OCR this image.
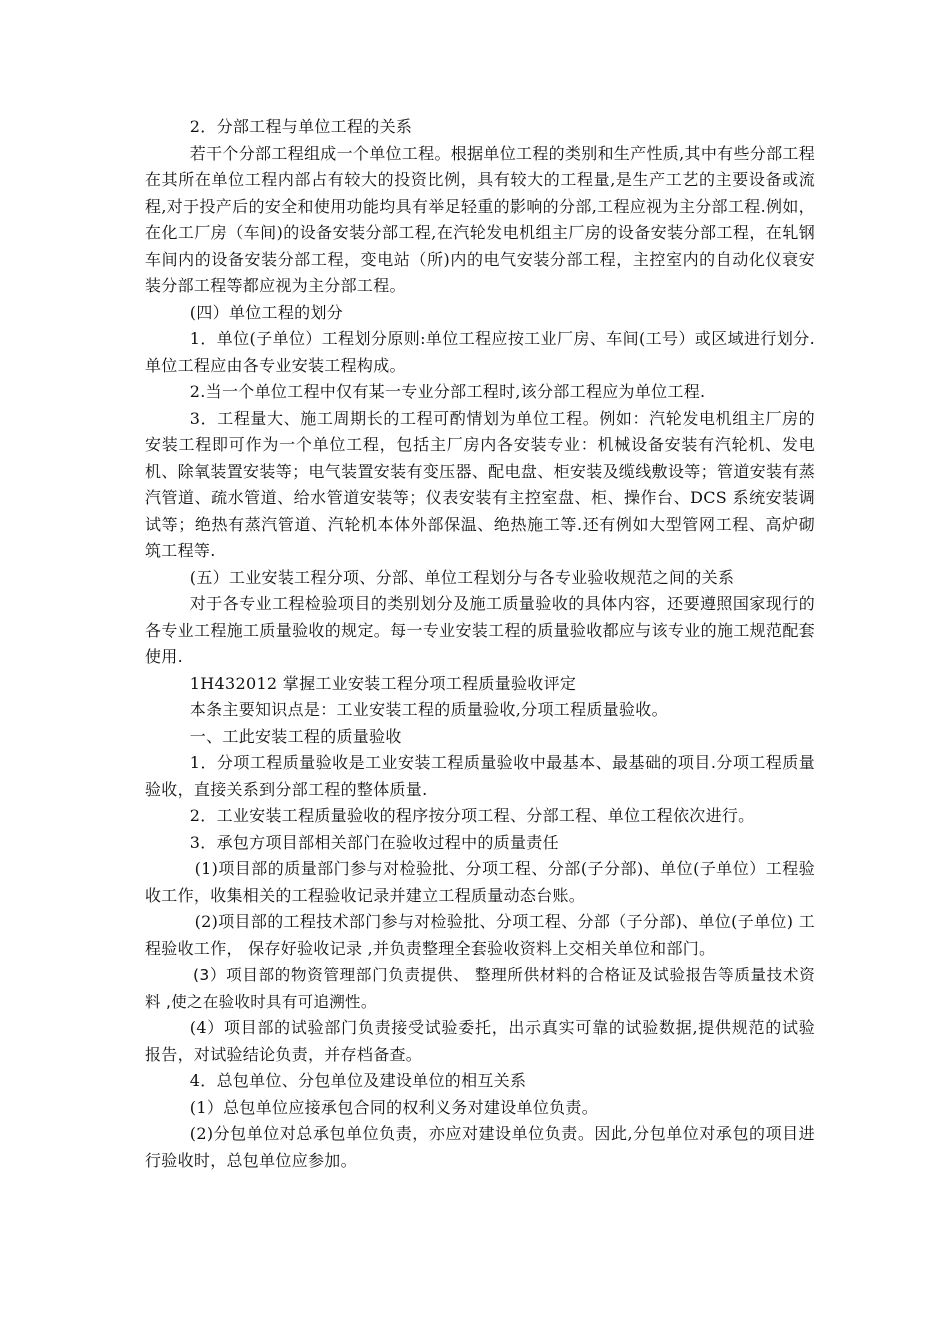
2．分部工程与单位工程的关系

若干个分部工程组成一个单位工程。根据单位工程的类别和生产性质,其中有些分部工程在其所在单位工程内部占有较大的投资比例，具有较大的工程量,是生产工艺的主要设备或流程,对于投产后的安全和使用功能均具有举足轻重的影响的分部,工程应视为主分部工程.例如，在化工厂房（车间)的设备安装分部工程,在汽轮发电机组主厂房的设备安装分部工程，在轧钢车间内的设备安装分部工程，变电站（所)内的电气安装分部工程，主控室内的自动化仪衰安装分部工程等都应视为主分部工程。

(四）单位工程的划分

1．单位(子单位）工程划分原则:单位工程应按工业厂房、车间(工号）或区域进行划分.单位工程应由各专业安装工程构成。

2.当一个单位工程中仅有某一专业分部工程时,该分部工程应为单位工程.

3．工程量大、施工周期长的工程可酌情划为单位工程。例如：汽轮发电机组主厂房的安装工程即可作为一个单位工程，包括主厂房内各安装专业：机械设备安装有汽轮机、发电机、除氧装置安装等；电气装置安装有变压器、配电盘、柜安装及缆线敷设等；管道安装有蒸汽管道、疏水管道、给水管道安装等；仪表安装有主控室盘、柜、操作台、DCS 系统安装调试等；绝热有蒸汽管道、汽轮机本体外部保温、绝热施工等.还有例如大型管网工程、高炉砌筑工程等.

(五）工业安装工程分项、分部、单位工程划分与各专业验收规范之间的关系

对于各专业工程检验项目的类别划分及施工质量验收的具体内容，还要遵照国家现行的各专业工程施工质量验收的规定。每一专业安装工程的质量验收都应与该专业的施工规范配套使用.

1H432012 掌握工业安装工程分项工程质量验收评定

本条主要知识点是：工业安装工程的质量验收,分项工程质量验收。

一、工此安装工程的质量验收

1．分项工程质量验收是工业安装工程质量验收中最基本、最基础的项目.分项工程质量验收，直接关系到分部工程的整体质量.

2．工业安装工程质量验收的程序按分项工程、分部工程、单位工程依次进行。

3．承包方项目部相关部门在验收过程中的质量责任

(1)项目部的质量部门参与对检验批、分项工程、分部(子分部)、单位(子单位）工程验收工作，收集相关的工程验收记录并建立工程质量动态台账。

(2)项目部的工程技术部门参与对检验批、分项工程、分部（子分部)、单位(子单位) 工程验收工作， 保存好验收记录 ,并负责整理全套验收资料上交相关单位和部门。

(3）项目部的物资管理部门负责提供、 整理所供材料的合格证及试验报告等质量技术资料 ,使之在验收时具有可追溯性。

(4）项目部的试验部门负责接受试验委托，出示真实可靠的试验数据,提供规范的试验报告，对试验结论负责，并存档备查。

4．总包单位、分包单位及建设单位的相互关系

(1）总包单位应接承包合同的权利义务对建设单位负责。

(2)分包单位对总承包单位负责，亦应对建设单位负责。因此,分包单位对承包的项目进行验收时，总包单位应参加。
